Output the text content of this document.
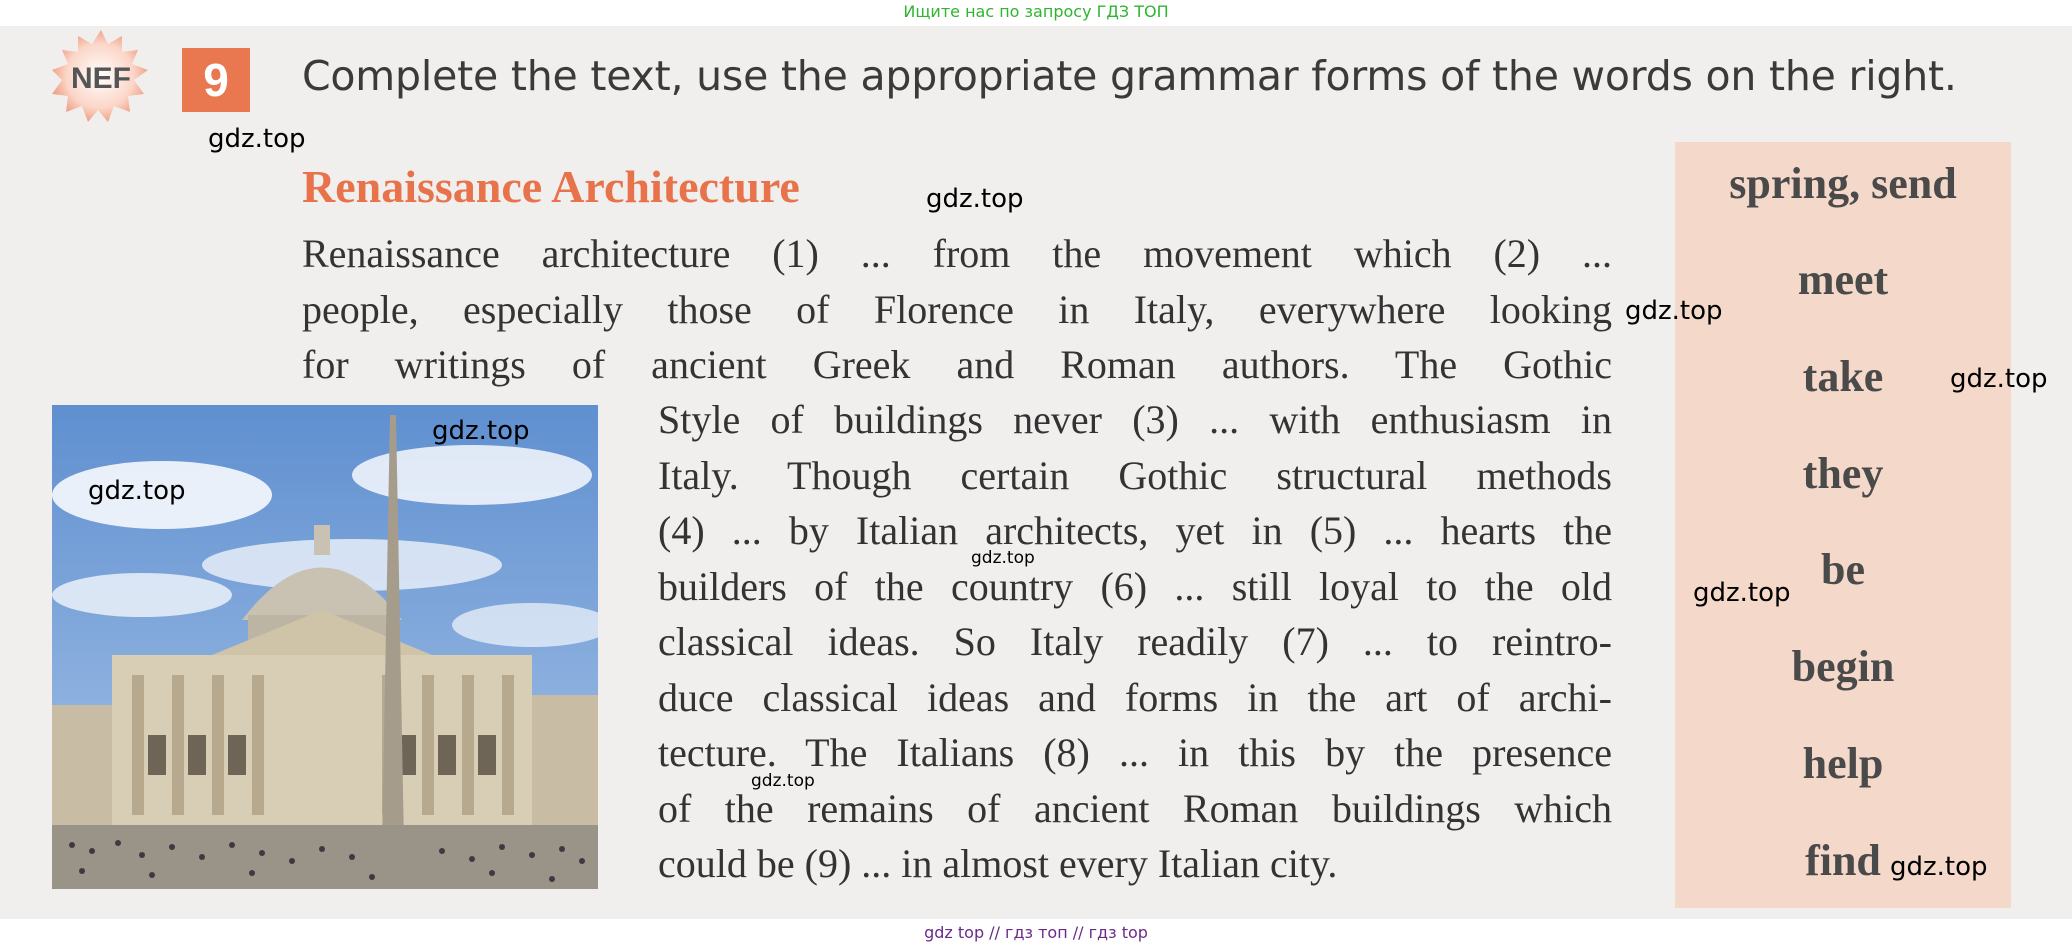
Ищите нас по запросу ГДЗ ТОП
NEF	9	Complete the text, use the appropriate grammar forms of the words on the right.
Renaissance Architecture
Renaissance architecture (1) ... from the movement which (2) ...
people, especially those of Florence in Italy, everywhere looking
for writings of ancient Greek and Roman authors. The Gothic
Style of buildings never (3) ... with enthusiasm in
Italy. Though certain Gothic structural methods
(4) ... by Italian architects, yet in (5) ... hearts the
builders of the country (6) ... still loyal to the old
classical ideas. So Italy readily (7) ... to reintro-
duce classical ideas and forms in the art of archi-
tecture. The Italians (8) ... in this by the presence
of the remains of ancient Roman buildings which
could be (9) ... in almost every Italian city.
spring, send
meet
take
they
be
begin
help
find
gdz.top
gdz.top
gdz.top
gdz.top
gdz.top
gdz.top
gdz.top
gdz.top
gdz.top
gdz.top
gdz top // гдз топ // гдз top
